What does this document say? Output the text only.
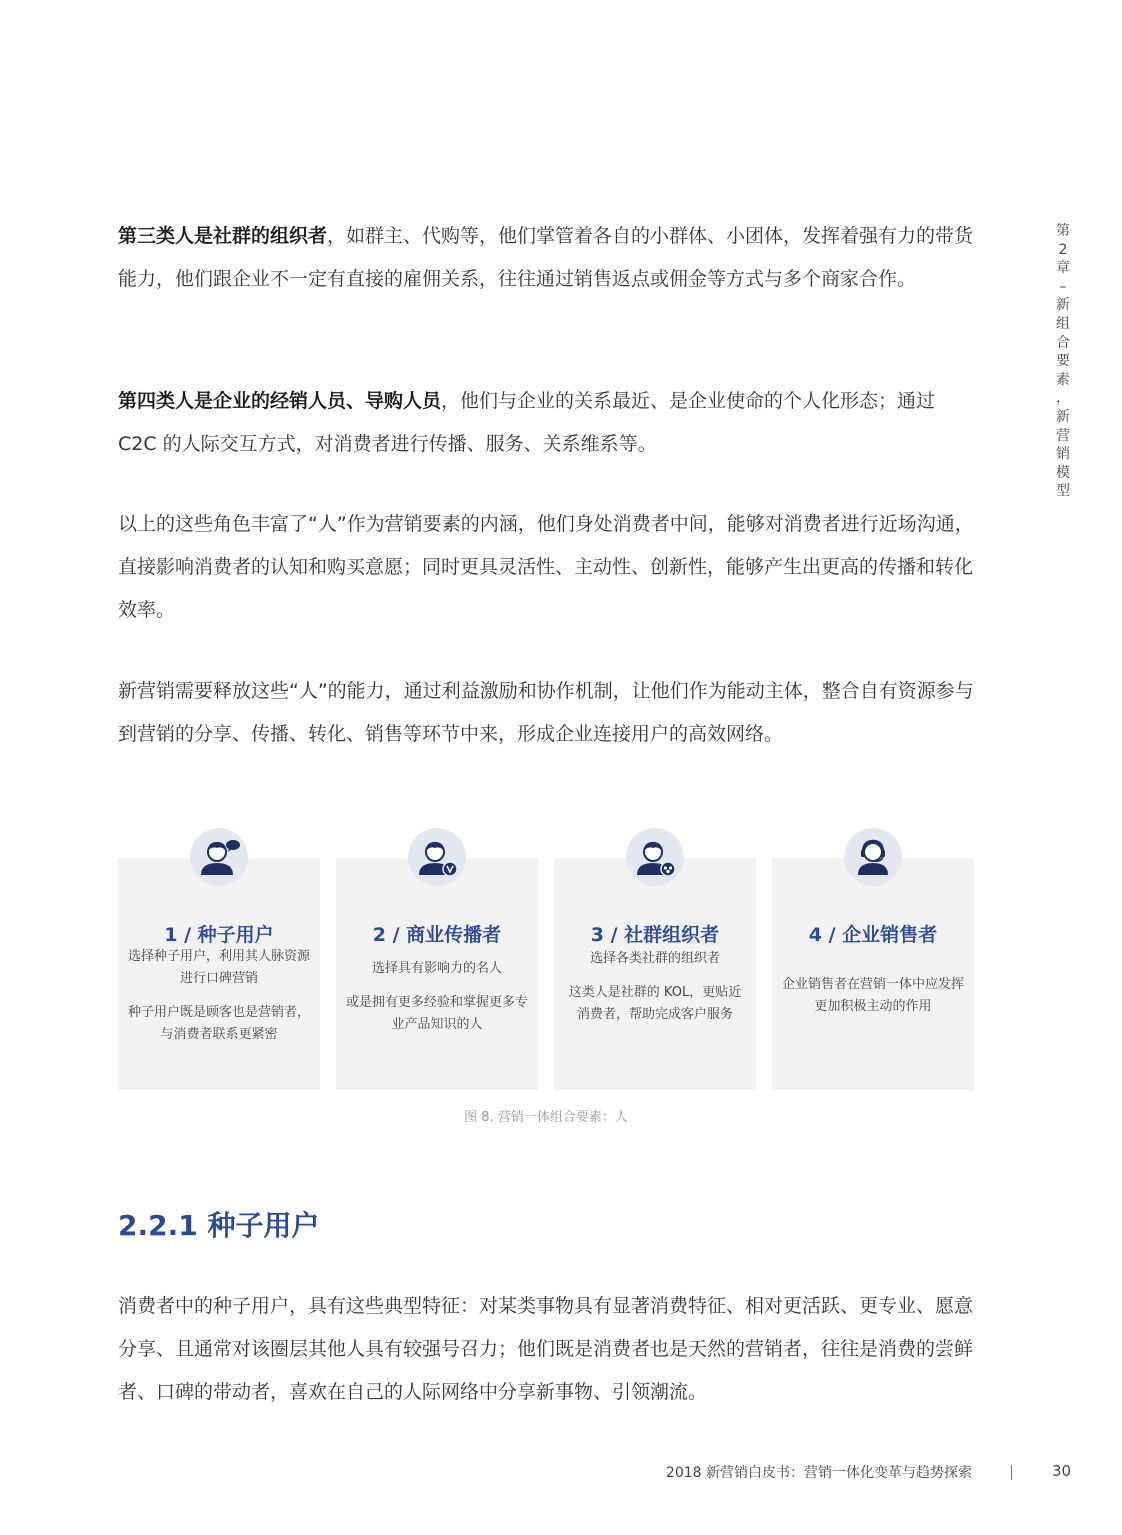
第
2
章
–
新
组
合
要
素
，
新
营
销
模
型

第三类人是社群的组织者，如群主、代购等，他们掌管着各自的小群体、小团体，发挥着强有力的带货能力，他们跟企业不一定有直接的雇佣关系，往往通过销售返点或佣金等方式与多个商家合作。

第四类人是企业的经销人员、导购人员，他们与企业的关系最近、是企业使命的个人化形态；通过 C2C 的人际交互方式，对消费者进行传播、服务、关系维系等。

以上的这些角色丰富了“人”作为营销要素的内涵，他们身处消费者中间，能够对消费者进行近场沟通，直接影响消费者的认知和购买意愿；同时更具灵活性、主动性、创新性，能够产生出更高的传播和转化效率。

新营销需要释放这些“人”的能力，通过利益激励和协作机制，让他们作为能动主体，整合自有资源参与到营销的分享、传播、转化、销售等环节中来，形成企业连接用户的高效网络。

1 / 种子用户
选择种子用户，利用其人脉资源进行口碑营销
种子用户既是顾客也是营销者，与消费者联系更紧密
2 / 商业传播者
选择具有影响力的名人
或是拥有更多经验和掌握更多专业产品知识的人
3 / 社群组织者
选择各类社群的组织者
这类人是社群的 KOL，更贴近消费者，帮助完成客户服务
4 / 企业销售者
企业销售者在营销一体中应发挥更加积极主动的作用
图 8. 营销一体组合要素：人
2.2.1 种子用户

消费者中的种子用户，具有这些典型特征：对某类事物具有显著消费特征、相对更活跃、更专业、愿意分享、且通常对该圈层其他人具有较强号召力；他们既是消费者也是天然的营销者，往往是消费的尝鲜者、口碑的带动者，喜欢在自己的人际网络中分享新事物、引领潮流。

2018 新营销白皮书：营销一体化变革与趋势探索	30
